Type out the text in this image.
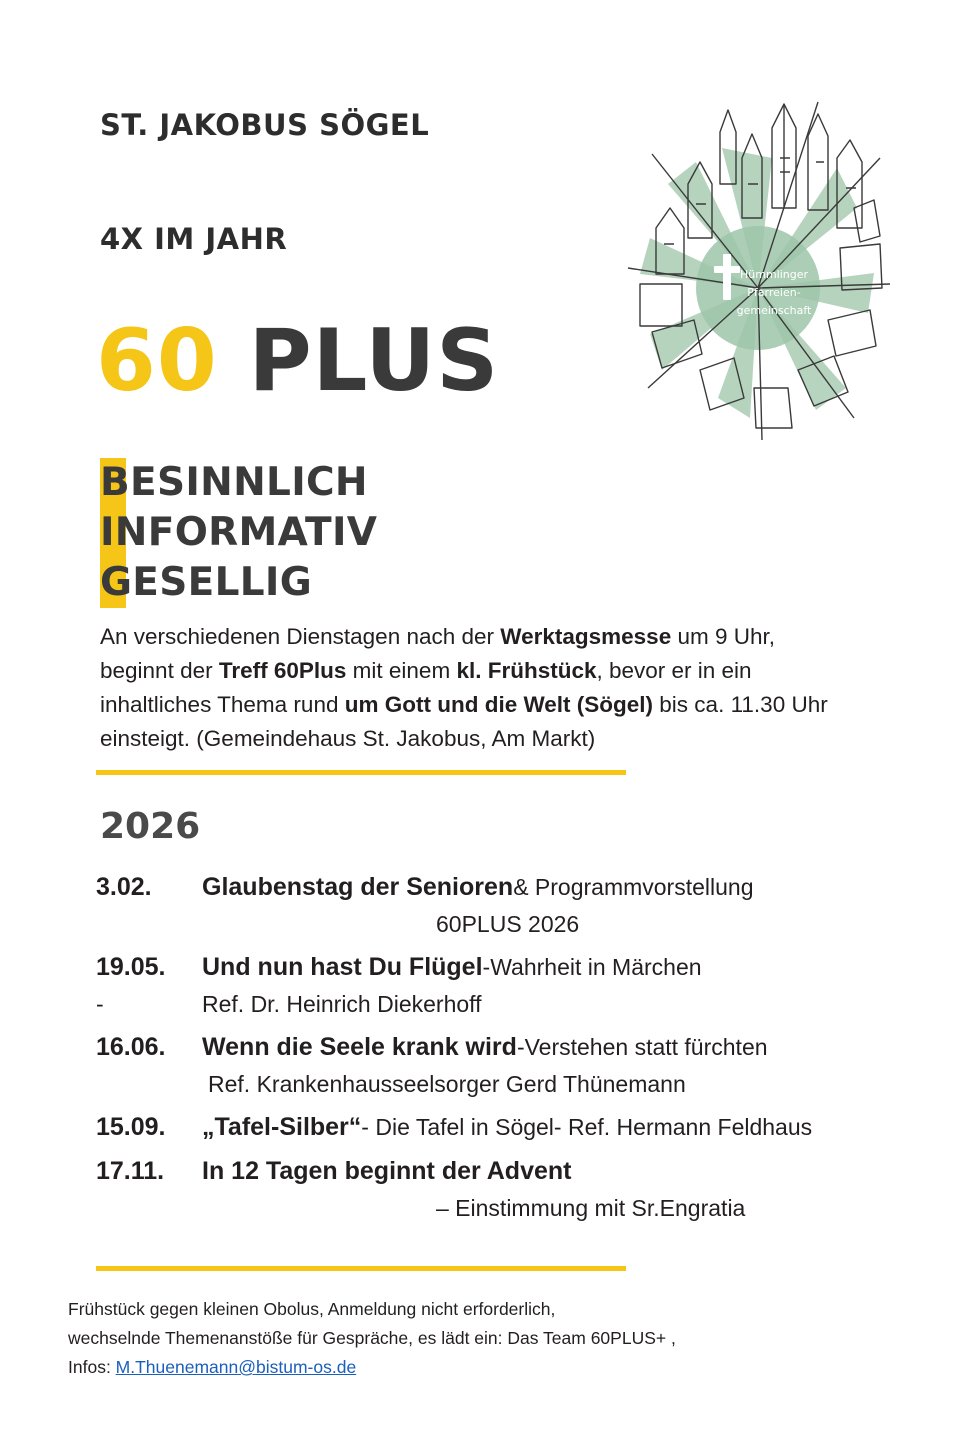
ST. JAKOBUS SÖGEL
4X IM JAHR
60 PLUS
BESINNLICH
INFORMATIV
GESELLIG
An verschiedenen Dienstagen nach der Werktagsmesse um 9 Uhr, beginnt der Treff 60Plus mit einem kl. Frühstück, bevor er in ein inhaltliches Thema rund um Gott und die Welt (Sögel) bis ca. 11.30 Uhr einsteigt. (Gemeindehaus St. Jakobus, Am Markt)
2026
3.02.	Glaubenstag der Senioren & Programmvorstellung
60PLUS 2026
19.05.	Und nun hast Du Flügel -Wahrheit in Märchen
-	Ref. Dr. Heinrich Diekerhoff
16.06.	Wenn die Seele krank wird -Verstehen statt fürchten
Ref. Krankenhausseelsorger Gerd Thünemann
15.09.	„Tafel-Silber“ - Die Tafel in Sögel- Ref. Hermann Feldhaus
17.11.	In 12 Tagen beginnt der Advent
– Einstimmung mit Sr.Engratia
Frühstück gegen kleinen Obolus, Anmeldung nicht erforderlich,
wechselnde Themenanstöße für Gespräche, es lädt ein: Das Team 60PLUS+ ,
Infos: M.Thuenemann@bistum-os.de
Hümmlinger
Pfarreien-
gemeinschaft
